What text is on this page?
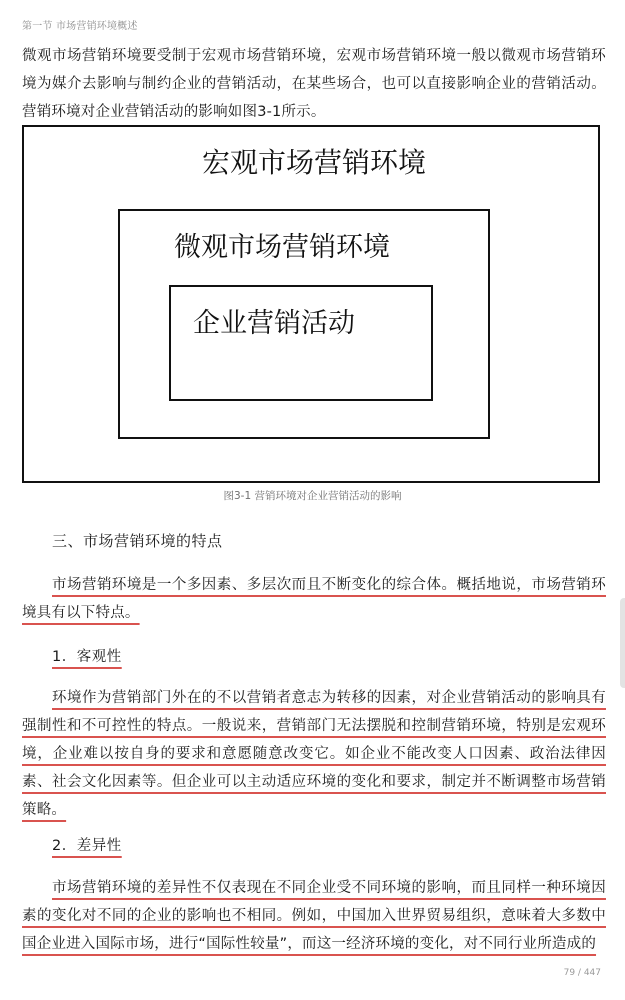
第一节 市场营销环境概述
微观市场营销环境要受制于宏观市场营销环境，宏观市场营销环境一般以微观市场营销环境为媒介去影响与制约企业的营销活动，在某些场合，也可以直接影响企业的营销活动。营销环境对企业营销活动的影响如图3-1所示。
宏观市场营销环境
微观市场营销环境
企业营销活动
图3-1 营销环境对企业营销活动的影响
三、市场营销环境的特点
市场营销环境是一个多因素、多层次而且不断变化的综合体。概括地说，市场营销环境具有以下特点。
1．客观性
环境作为营销部门外在的不以营销者意志为转移的因素，对企业营销活动的影响具有强制性和不可控性的特点。一般说来，营销部门无法摆脱和控制营销环境，特别是宏观环境，企业难以按自身的要求和意愿随意改变它。如企业不能改变人口因素、政治法律因素、社会文化因素等。但企业可以主动适应环境的变化和要求，制定并不断调整市场营销策略。
2．差异性
市场营销环境的差异性不仅表现在不同企业受不同环境的影响，而且同样一种环境因素的变化对不同的企业的影响也不相同。例如，中国加入世界贸易组织，意味着大多数中国企业进入国际市场，进行“国际性较量”，而这一经济环境的变化，对不同行业所造成的
79 / 447
